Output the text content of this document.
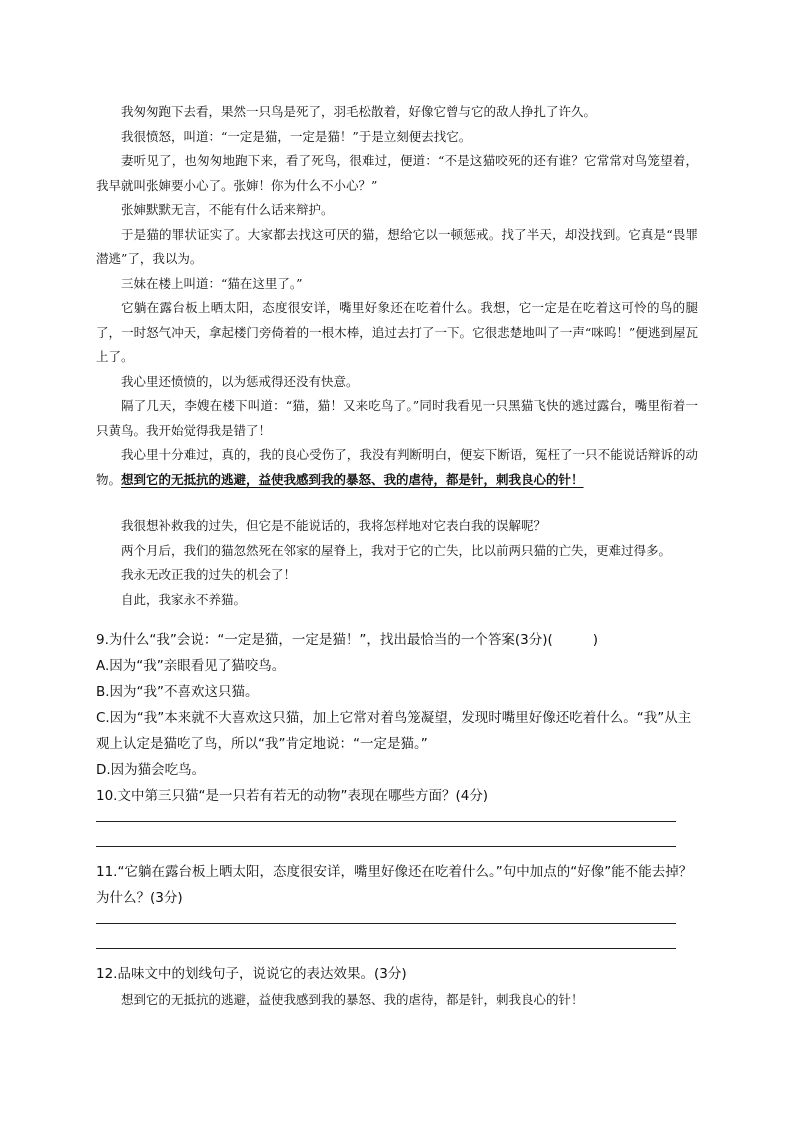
我匆匆跑下去看，果然一只鸟是死了，羽毛松散着，好像它曾与它的敌人挣扎了许久。

我很愤怒，叫道：“一定是猫，一定是猫！”于是立刻便去找它。

妻听见了，也匆匆地跑下来，看了死鸟，很难过，便道：“不是这猫咬死的还有谁？它常常对鸟笼望着，我早就叫张婶要小心了。张婶！你为什么不小心？”

张婶默默无言，不能有什么话来辩护。

于是猫的罪状证实了。大家都去找这可厌的猫，想给它以一顿惩戒。找了半天，却没找到。它真是“畏罪潜逃”了，我以为。

三妹在楼上叫道：“猫在这里了。”

它躺在露台板上晒太阳，态度很安详，嘴里好象还在吃着什么。我想，它一定是在吃着这可怜的鸟的腿了，一时怒气冲天，拿起楼门旁倚着的一根木棒，追过去打了一下。它很悲楚地叫了一声“咪呜！”便逃到屋瓦上了。

我心里还愤愤的，以为惩戒得还没有快意。

隔了几天，李嫂在楼下叫道：“猫，猫！又来吃鸟了。”同时我看见一只黑猫飞快的逃过露台，嘴里衔着一只黄鸟。我开始觉得我是错了！

我心里十分难过，真的，我的良心受伤了，我没有判断明白，便妄下断语，冤枉了一只不能说话辩诉的动物。想到它的无抵抗的逃避，益使我感到我的暴怒、我的虐待，都是针，刺我良心的针！

我很想补救我的过失，但它是不能说话的，我将怎样地对它表白我的误解呢？

两个月后，我们的猫忽然死在邻家的屋脊上，我对于它的亡失，比以前两只猫的亡失，更难过得多。

我永无改正我的过失的机会了！

自此，我家永不养猫。

9.为什么“我”会说：“一定是猫，一定是猫！”，找出最恰当的一个答案(3分)(	)

A.因为“我”亲眼看见了猫咬鸟。

B.因为“我”不喜欢这只猫。

C.因为“我”本来就不大喜欢这只猫，加上它常对着鸟笼凝望，发现时嘴里好像还吃着什么。“我”从主观上认定是猫吃了鸟，所以“我”肯定地说：“一定是猫。”

D.因为猫会吃鸟。

10.文中第三只猫“是一只若有若无的动物”表现在哪些方面？(4分)

11.“它躺在露台板上晒太阳，态度很安详，嘴里好像还在吃着什么。”句中加点的“好像”能不能去掉？为什么？(3分)

12.品味文中的划线句子，说说它的表达效果。(3分)

想到它的无抵抗的逃避，益使我感到我的暴怒、我的虐待，都是针，刺我良心的针！
